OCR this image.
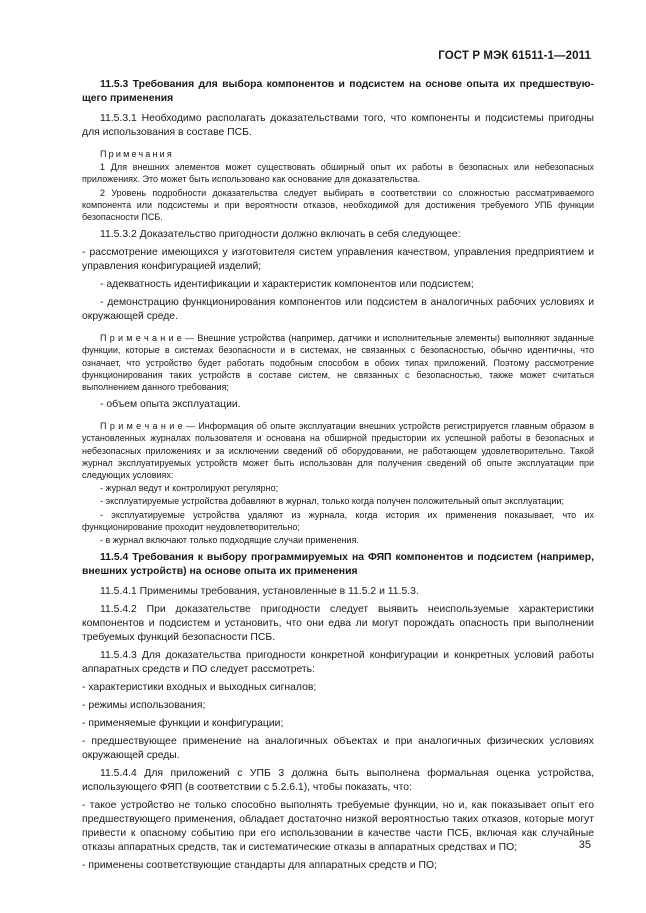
ГОСТ Р МЭК 61511-1—2011
11.5.3 Требования для выбора компонентов и подсистем на основе опыта их предшествую-щего применения
11.5.3.1 Необходимо располагать доказательствами того, что компоненты и подсистемы пригодны для использования в составе ПСБ.
Примечания
1 Для внешних элементов может существовать обширный опыт их работы в безопасных или небезопасных приложениях. Это может быть использовано как основание для доказательства.
2 Уровень подробности доказательства следует выбирать в соответствии со сложностью рассматриваемого компонента или подсистемы и при вероятности отказов, необходимой для достижения требуемого УПБ функции безопасности ПСБ.
11.5.3.2 Доказательство пригодности должно включать в себя следующее:
- рассмотрение имеющихся у изготовителя систем управления качеством, управления предприятием и управления конфигурацией изделий;
- адекватность идентификации и характеристик компонентов или подсистем;
- демонстрацию функционирования компонентов или подсистем в аналогичных рабочих условиях и окружающей среде.
П р и м е ч а н и е — Внешние устройства (например, датчики и исполнительные элементы) выполняют заданные функции, которые в системах безопасности и в системах, не связанных с безопасностью, обычно идентичны, что означает, что устройство будет работать подобным способом в обоих типах приложений. Поэтому рассмотрение функционирования таких устройств в составе систем, не связанных с безопасностью, также может считаться выполнением данного требования;
- объем опыта эксплуатации.
П р и м е ч а н и е — Информация об опыте эксплуатации внешних устройств регистрируется главным образом в установленных журналах пользователя и основана на обширной предыстории их успешной работы в безопасных и небезопасных приложениях и за исключении сведений об оборудовании, не работающем удовлетворительно. Такой журнал эксплуатируемых устройств может быть использован для получения сведений об опыте эксплуатации при следующих условиях:
- журнал ведут и контролируют регулярно;
- эксплуатируемые устройства добавляют в журнал, только когда получен положительный опыт эксплуатации;
- эксплуатируемые устройства удаляют из журнала, когда история их применения показывает, что их функционирование проходит неудовлетворительно;
- в журнал включают только подходящие случаи применения.
11.5.4 Требования к выбору программируемых на ФЯП компонентов и подсистем (например, внешних устройств) на основе опыта их применения
11.5.4.1 Применимы требования, установленные в 11.5.2 и 11.5.3.
11.5.4.2 При доказательстве пригодности следует выявить неиспользуемые характеристики компонентов и подсистем и установить, что они едва ли могут порождать опасность при выполнении требуемых функций безопасности ПСБ.
11.5.4.3 Для доказательства пригодности конкретной конфигурации и конкретных условий работы аппаратных средств и ПО следует рассмотреть:
- характеристики входных и выходных сигналов;
- режимы использования;
- применяемые функции и конфигурации;
- предшествующее применение на аналогичных объектах и при аналогичных физических условиях окружающей среды.
11.5.4.4 Для приложений с УПБ 3 должна быть выполнена формальная оценка устройства, использующего ФЯП (в соответствии с 5.2.6.1), чтобы показать, что:
- такое устройство не только способно выполнять требуемые функции, но и, как показывает опыт его предшествующего применения, обладает достаточно низкой вероятностью таких отказов, которые могут привести к опасному событию при его использовании в качестве части ПСБ, включая как случайные отказы аппаратных средств, так и систематические отказы в аппаратных средствах и ПО;
- применены соответствующие стандарты для аппаратных средств и ПО;
35
